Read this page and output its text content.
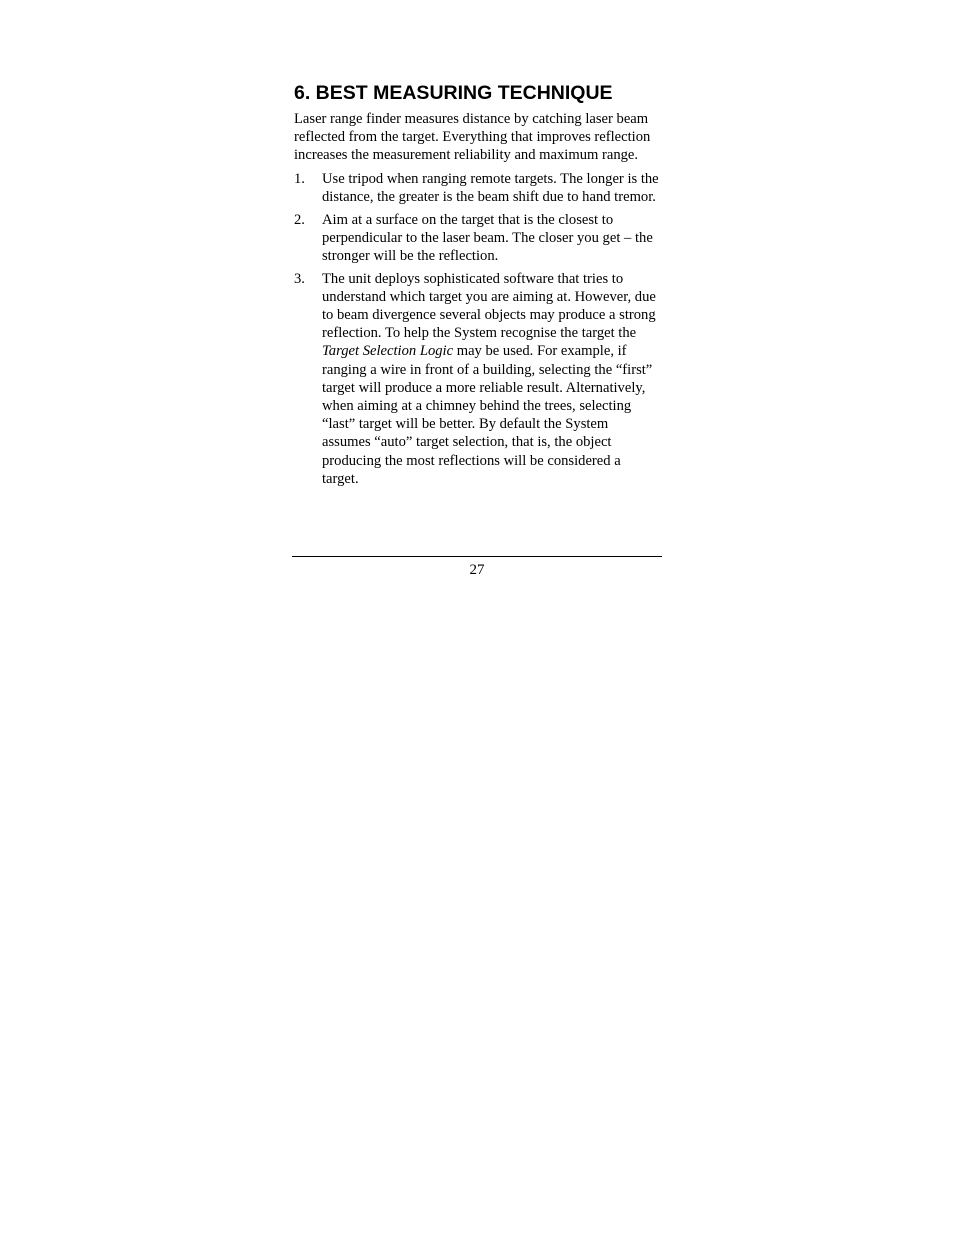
6. BEST MEASURING TECHNIQUE

Laser range finder measures distance by catching laser beam reflected from the target. Everything that improves reflection increases the measurement reliability and maximum range.

1.	Use tripod when ranging remote targets. The longer is the distance, the greater is the beam shift due to hand tremor.
2.	Aim at a surface on the target that is the closest to perpendicular to the laser beam. The closer you get – the stronger will be the reflection.
3.	The unit deploys sophisticated software that tries to understand which target you are aiming at. However, due to beam divergence several objects may produce a strong reflection. To help the System recognise the target the Target Selection Logic may be used. For example, if ranging a wire in front of a building, selecting the “first” target will produce a more reliable result. Alternatively, when aiming at a chimney behind the trees, selecting “last” target will be better. By default the System assumes “auto” target selection, that is, the object producing the most reflections will be considered a target.
27
